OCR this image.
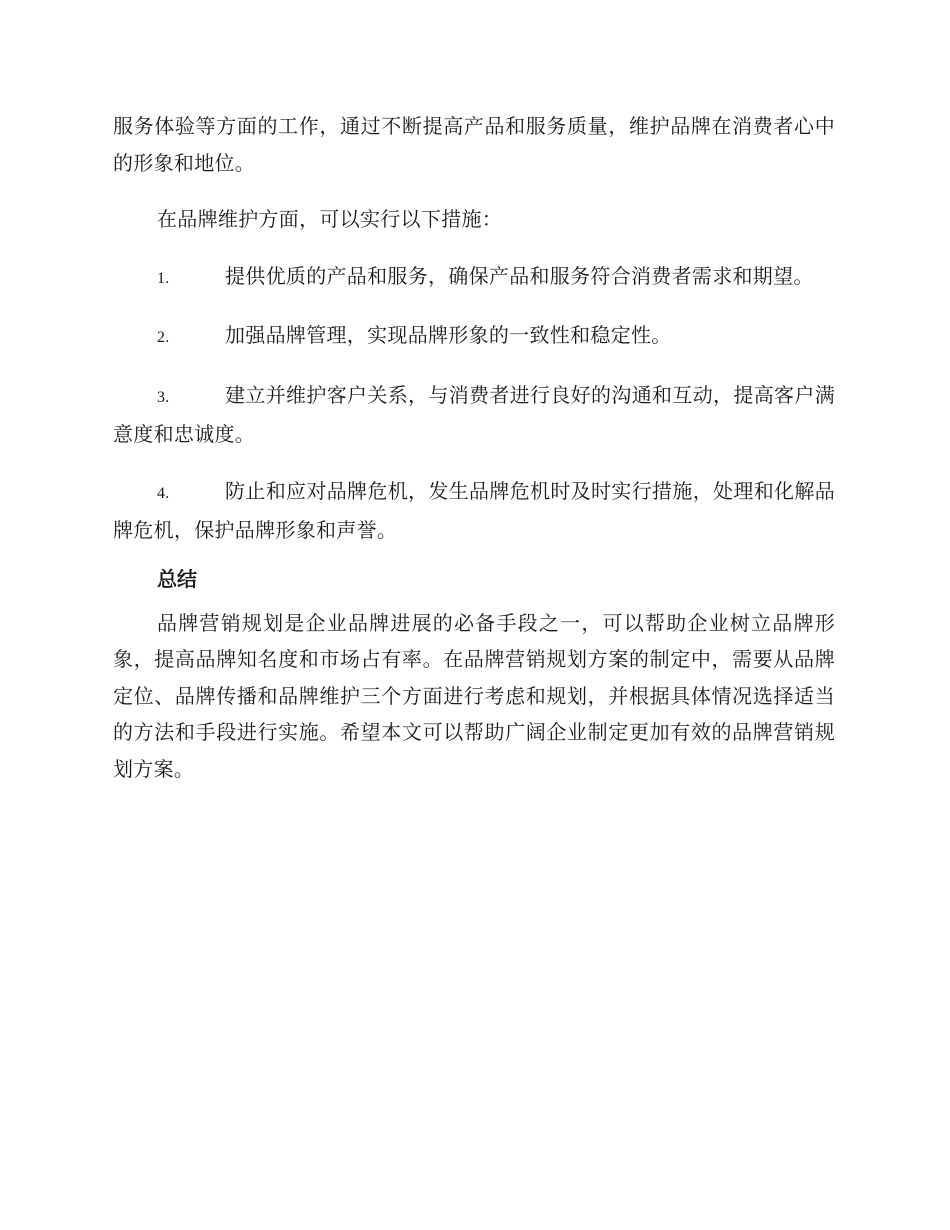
服务体验等方面的工作，通过不断提高产品和服务质量，维护品牌在消费者心中的形象和地位。

在品牌维护方面，可以实行以下措施：

1.	提供优质的产品和服务，确保产品和服务符合消费者需求和期望。

2.	加强品牌管理，实现品牌形象的一致性和稳定性。

3.	建立并维护客户关系，与消费者进行良好的沟通和互动，提高客户满意度和忠诚度。

4.	防止和应对品牌危机，发生品牌危机时及时实行措施，处理和化解品牌危机，保护品牌形象和声誉。

总结

品牌营销规划是企业品牌进展的必备手段之一，可以帮助企业树立品牌形象，提高品牌知名度和市场占有率。在品牌营销规划方案的制定中，需要从品牌定位、品牌传播和品牌维护三个方面进行考虑和规划，并根据具体情况选择适当的方法和手段进行实施。希望本文可以帮助广阔企业制定更加有效的品牌营销规划方案。
